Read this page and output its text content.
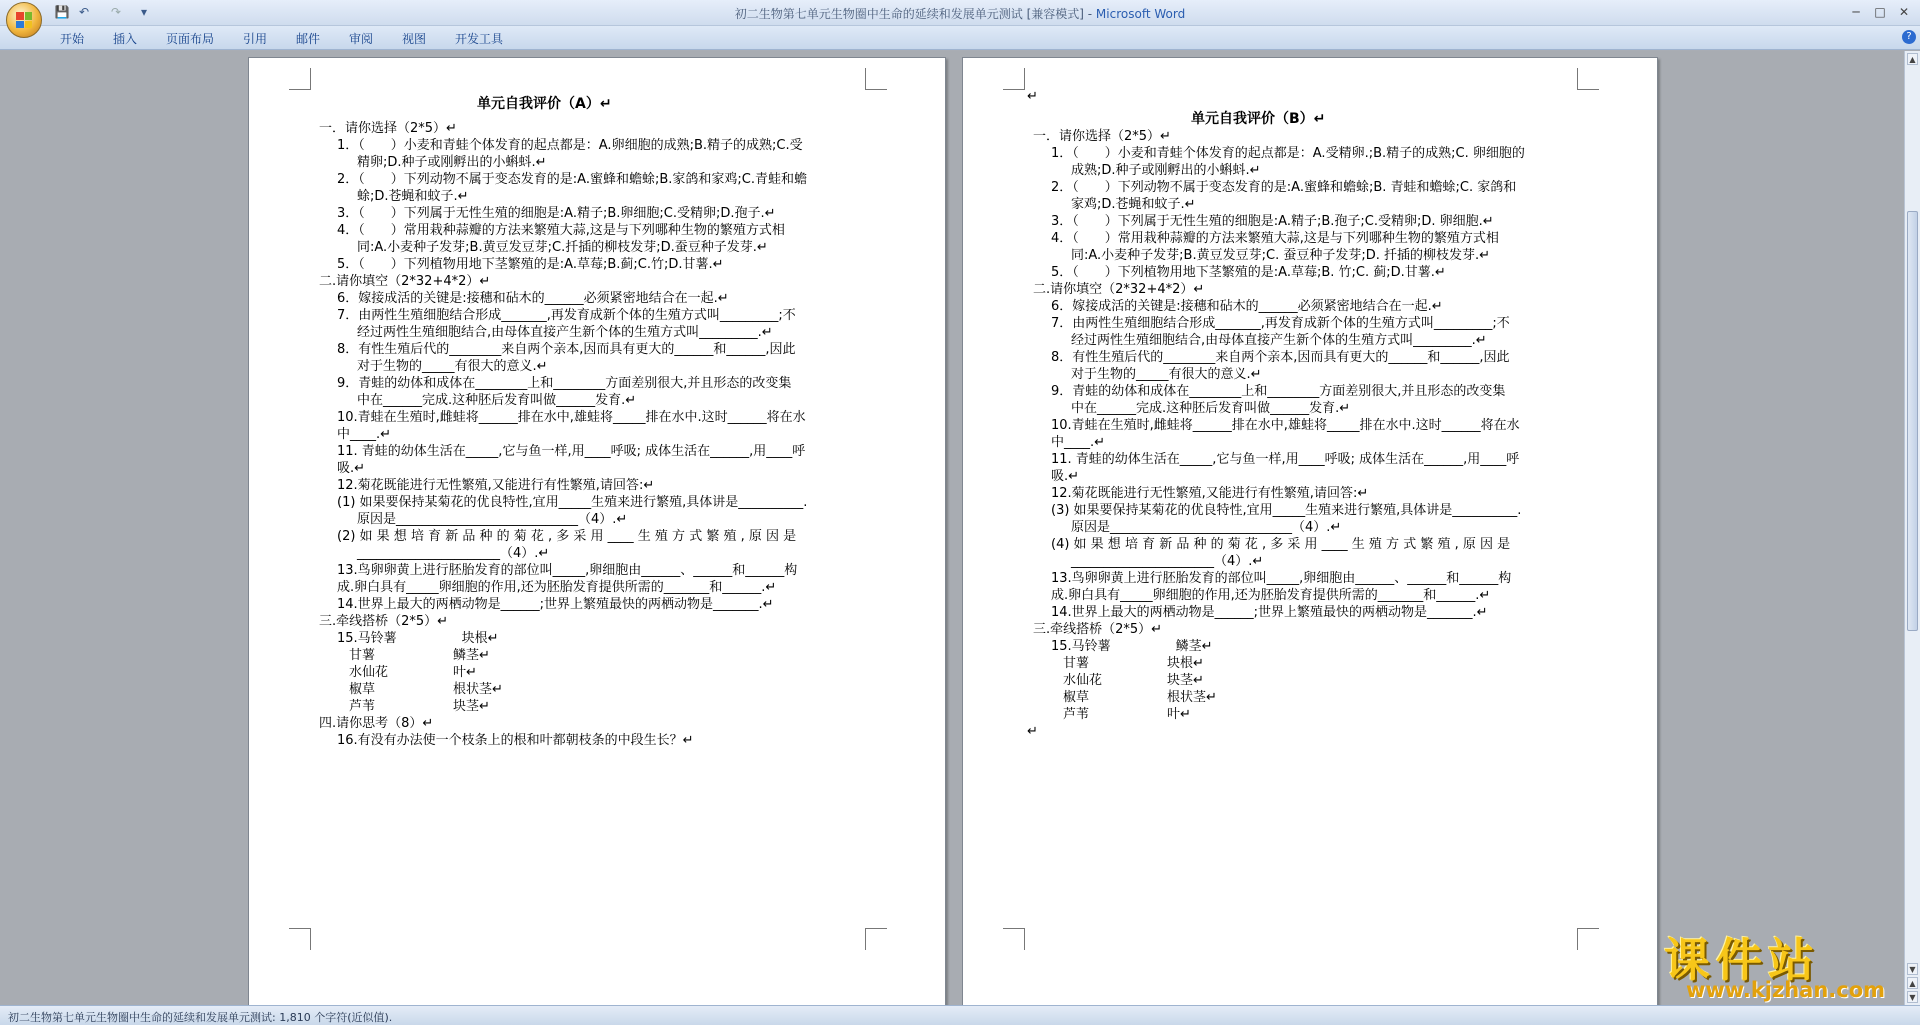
初二生物第七单元生物圈中生命的延续和发展单元测试 [兼容模式] - Microsoft Word
💾 ↶ ↷	▾	─	□	✕
开始 插入 页面布局 引用 邮件 审阅 视图 开发工具	?
单元自我评价（A）↵
一．请你选择（2*5）↵
1．（　　）小麦和青蛙个体发育的起点都是：A.卵细胞的成熟;B.精子的成熟;C.受
精卵;D.种子或刚孵出的小蝌蚪.↵
2．（　　）下列动物不属于变态发育的是:A.蜜蜂和蟾蜍;B.家鸽和家鸡;C.青蛙和蟾
蜍;D.苍蝇和蚊子.↵
3．（　　）下列属于无性生殖的细胞是:A.精子;B.卵细胞;C.受精卵;D.孢子.↵
4．（　　）常用栽种蒜瓣的方法来繁殖大蒜,这是与下列哪种生物的繁殖方式相
同:A.小麦种子发芽;B.黄豆发豆芽;C.扦插的柳枝发芽;D.蚕豆种子发芽.↵
5．（　　）下列植物用地下茎繁殖的是:A.草莓;B.蓟;C.竹;D.甘薯.↵
二.请你填空（2*32+4*2）↵
6．嫁接成活的关键是:接穗和砧木的______必须紧密地结合在一起.↵
7．由两性生殖细胞结合形成_______,再发育成新个体的生殖方式叫_________;不
经过两性生殖细胞结合,由母体直接产生新个体的生殖方式叫_________.↵
8．有性生殖后代的________来自两个亲本,因而具有更大的______和______,因此
对于生物的_____有很大的意义.↵
9．青蛙的幼体和成体在________上和________方面差别很大,并且形态的改变集
中在______完成.这种胚后发育叫做______发育.↵
10.青蛙在生殖时,雌蛙将______排在水中,雄蛙将_____排在水中.这时______将在水
中____.↵
11. 青蛙的幼体生活在_____,它与鱼一样,用____呼吸; 成体生活在______,用____呼
吸.↵
12.菊花既能进行无性繁殖,又能进行有性繁殖,请回答:↵
(1) 如果要保持某菊花的优良特性,宜用_____生殖来进行繁殖,具体讲是__________.
原因是____________________________（4）.↵
(2) 如 果 想 培 育 新 品 种 的 菊 花 , 多 采 用 ____ 生 殖 方 式 繁 殖 , 原 因 是
______________________（4）.↵
13.鸟卵卵黄上进行胚胎发育的部位叫_____,卵细胞由______、______和______构
成.卵白具有_____卵细胞的作用,还为胚胎发育提供所需的_______和______.↵
14.世界上最大的两栖动物是______;世界上繁殖最快的两栖动物是_______.↵
三.牵线搭桥（2*5）↵
15.马铃薯　　　　　块根↵
甘薯　　　　　　鳞茎↵
水仙花　　　　　叶↵
椒草　　　　　　根状茎↵
芦苇　　　　　　块茎↵
四.请你思考（8）↵
16.有没有办法使一个枝条上的根和叶都朝枝条的中段生长？↵
↵
单元自我评价（B）↵
一．请你选择（2*5）↵
1．（　　）小麦和青蛙个体发育的起点都是：A.受精卵.;B.精子的成熟;C. 卵细胞的
成熟;D.种子或刚孵出的小蝌蚪.↵
2．（　　）下列动物不属于变态发育的是:A.蜜蜂和蟾蜍;B. 青蛙和蟾蜍;C. 家鸽和
家鸡;D.苍蝇和蚊子.↵
3．（　　）下列属于无性生殖的细胞是:A.精子;B.孢子;C.受精卵;D. 卵细胞.↵
4．（　　）常用栽种蒜瓣的方法来繁殖大蒜,这是与下列哪种生物的繁殖方式相
同:A.小麦种子发芽;B.黄豆发豆芽;C. 蚕豆种子发芽;D. 扦插的柳枝发芽.↵
5．（　　）下列植物用地下茎繁殖的是:A.草莓;B. 竹;C. 蓟;D.甘薯.↵
二.请你填空（2*32+4*2）↵
6．嫁接成活的关键是:接穗和砧木的______必须紧密地结合在一起.↵
7．由两性生殖细胞结合形成_______,再发育成新个体的生殖方式叫_________;不
经过两性生殖细胞结合,由母体直接产生新个体的生殖方式叫_________.↵
8．有性生殖后代的________来自两个亲本,因而具有更大的______和______,因此
对于生物的_____有很大的意义.↵
9．青蛙的幼体和成体在________上和________方面差别很大,并且形态的改变集
中在______完成.这种胚后发育叫做______发育.↵
10.青蛙在生殖时,雌蛙将______排在水中,雄蛙将_____排在水中.这时______将在水
中____.↵
11. 青蛙的幼体生活在_____,它与鱼一样,用____呼吸; 成体生活在______,用____呼
吸.↵
12.菊花既能进行无性繁殖,又能进行有性繁殖,请回答:↵
(3) 如果要保持某菊花的优良特性,宜用_____生殖来进行繁殖,具体讲是__________.
原因是____________________________（4）.↵
(4) 如 果 想 培 育 新 品 种 的 菊 花 , 多 采 用 ____ 生 殖 方 式 繁 殖 , 原 因 是
______________________（4）.↵
13.鸟卵卵黄上进行胚胎发育的部位叫_____,卵细胞由______、______和______构
成.卵白具有_____卵细胞的作用,还为胚胎发育提供所需的_______和______.↵
14.世界上最大的两栖动物是______;世界上繁殖最快的两栖动物是_______.↵
三.牵线搭桥（2*5）↵
15.马铃薯　　　　　鳞茎↵
甘薯　　　　　　块根↵
水仙花　　　　　块茎↵
椒草　　　　　　根状茎↵
芦苇　　　　　　叶↵
↵
▲
▼
▲
▼
初二生物第七单元生物圈中生命的延续和发展单元测试: 1,810 个字符(近似值).
课件站
www.kjzhan.com
